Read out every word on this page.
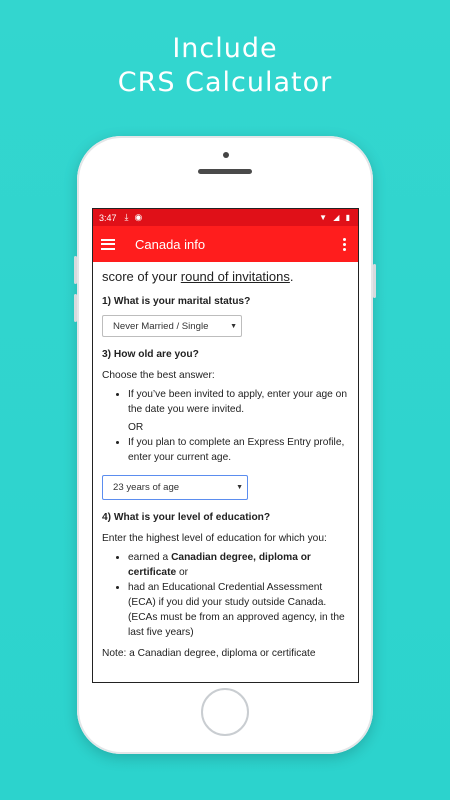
Include
CRS Calculator
3:47 ⤓ ◉	▼ ◢ ▮
Canada info

score of your round of invitations.

1) What is your marital status?
Never Married / Single	▼
3) How old are you?

Choose the best answer:

• If you’ve been invited to apply, enter your age on the date you were invited.
OR
• If you plan to complete an Express Entry profile, enter your current age.
23 years of age	▼
4) What is your level of education?

Enter the highest level of education for which you:

• earned a Canadian degree, diploma or certificate or
• had an Educational Credential Assessment (ECA) if you did your study outside Canada. (ECAs must be from an approved agency, in the last five years)

Note: a Canadian degree, diploma or certificate
